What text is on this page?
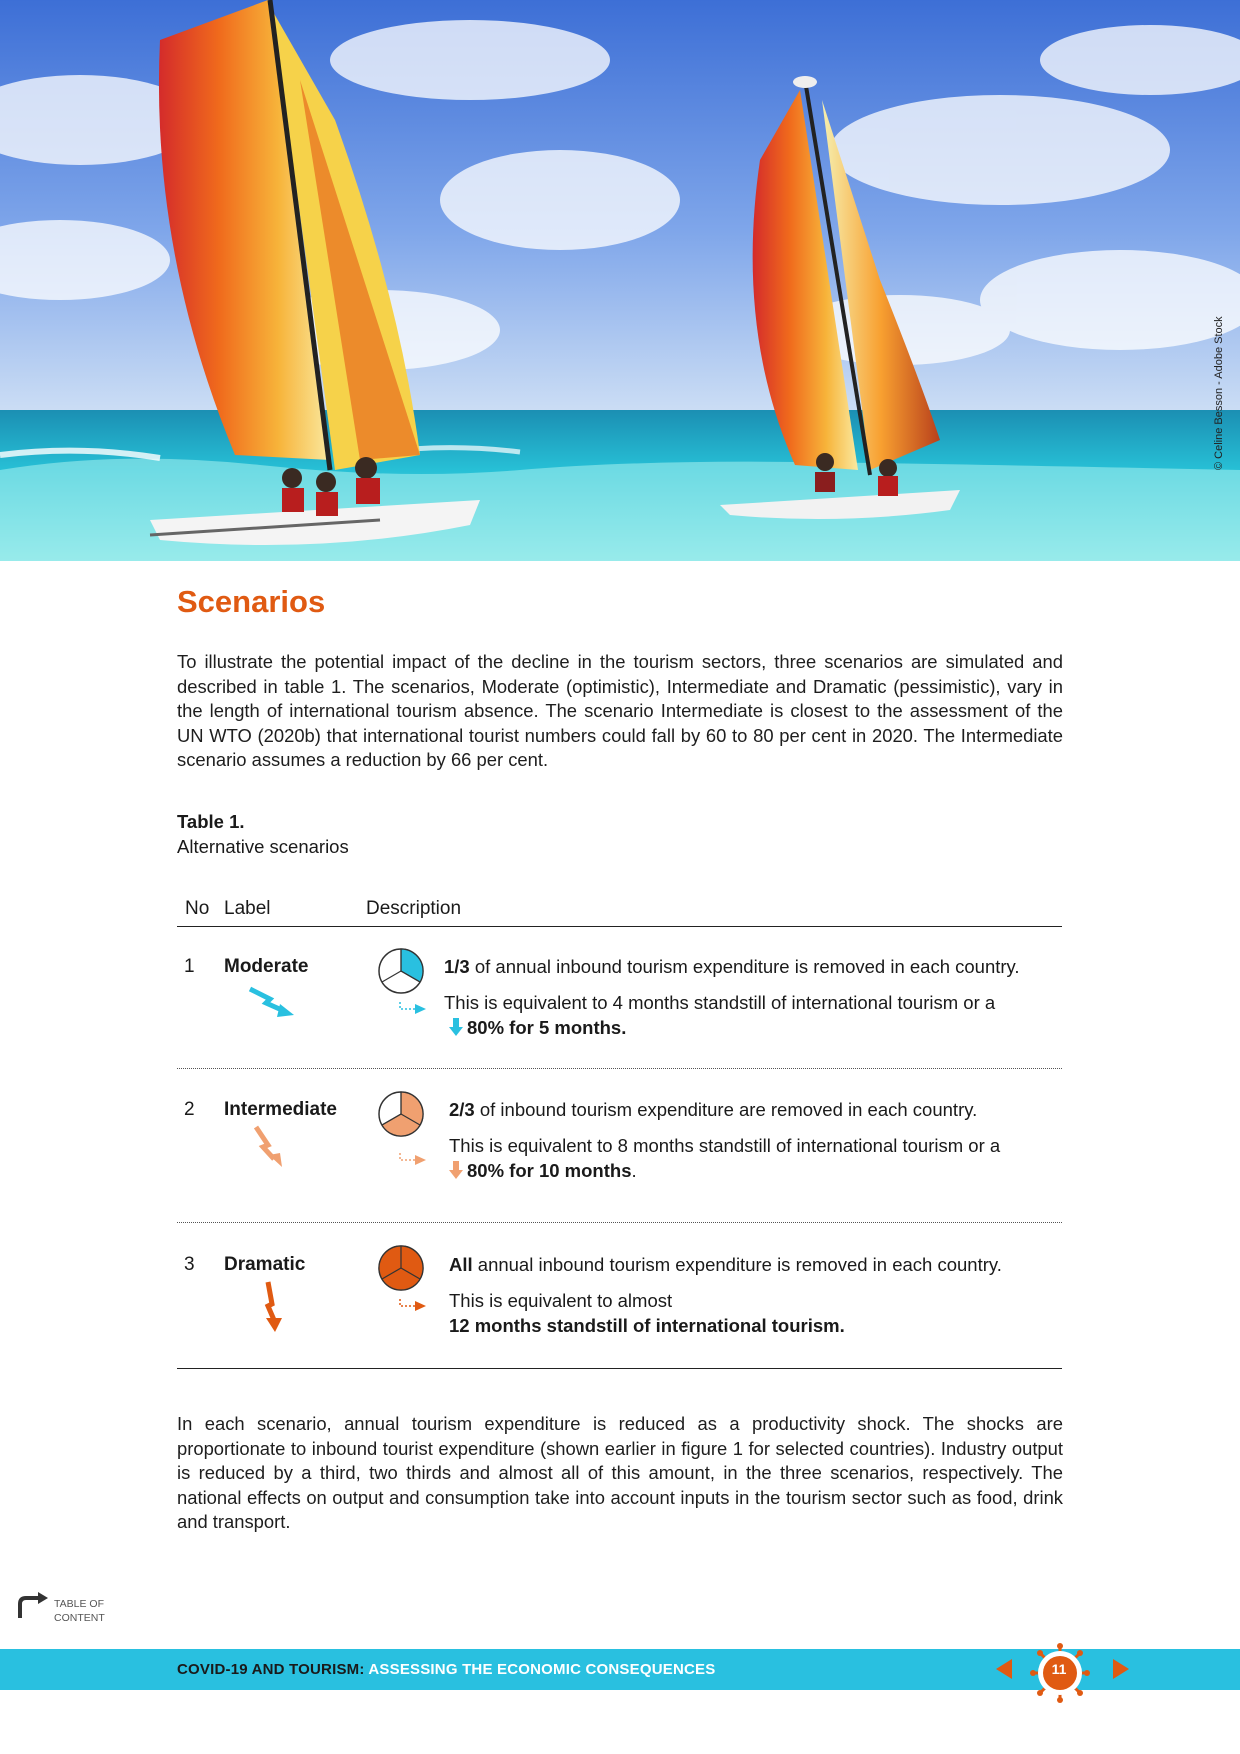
© Celine Besson - Adobe Stock
Scenarios

To illustrate the potential impact of the decline in the tourism sectors, three scenarios are simulated and described in table 1. The scenarios, Moderate (optimistic), Intermediate and Dramatic (pessimistic), vary in the length of international tourism absence. The scenario Intermediate is closest to the assessment of the UN WTO (2020b) that international tourist numbers could fall by 60 to 80 per cent in 2020. The Intermediate scenario assumes a reduction by 66 per cent.

Table 1.
Alternative scenarios
No Label	Description
1 Moderate	1/3 of annual inbound tourism expenditure is removed in each country.
This is equivalent to 4 months standstill of international tourism or a
80% for 5 months.
2 Intermediate	2/3 of inbound tourism expenditure are removed in each country.
This is equivalent to 8 months standstill of international tourism or a
80% for 10 months.
3 Dramatic	All annual inbound tourism expenditure is removed in each country.
This is equivalent to almost
12 months standstill of international tourism.

In each scenario, annual tourism expenditure is reduced as a productivity shock. The shocks are proportionate to inbound tourist expenditure (shown earlier in figure 1 for selected countries). Industry output is reduced by a third, two thirds and almost all of this amount, in the three scenarios, respectively. The national effects on output and consumption take into account inputs in the tourism sector such as food, drink and transport.

TABLE OF
CONTENT
COVID-19 AND TOURISM: ASSESSING THE ECONOMIC CONSEQUENCES	11
